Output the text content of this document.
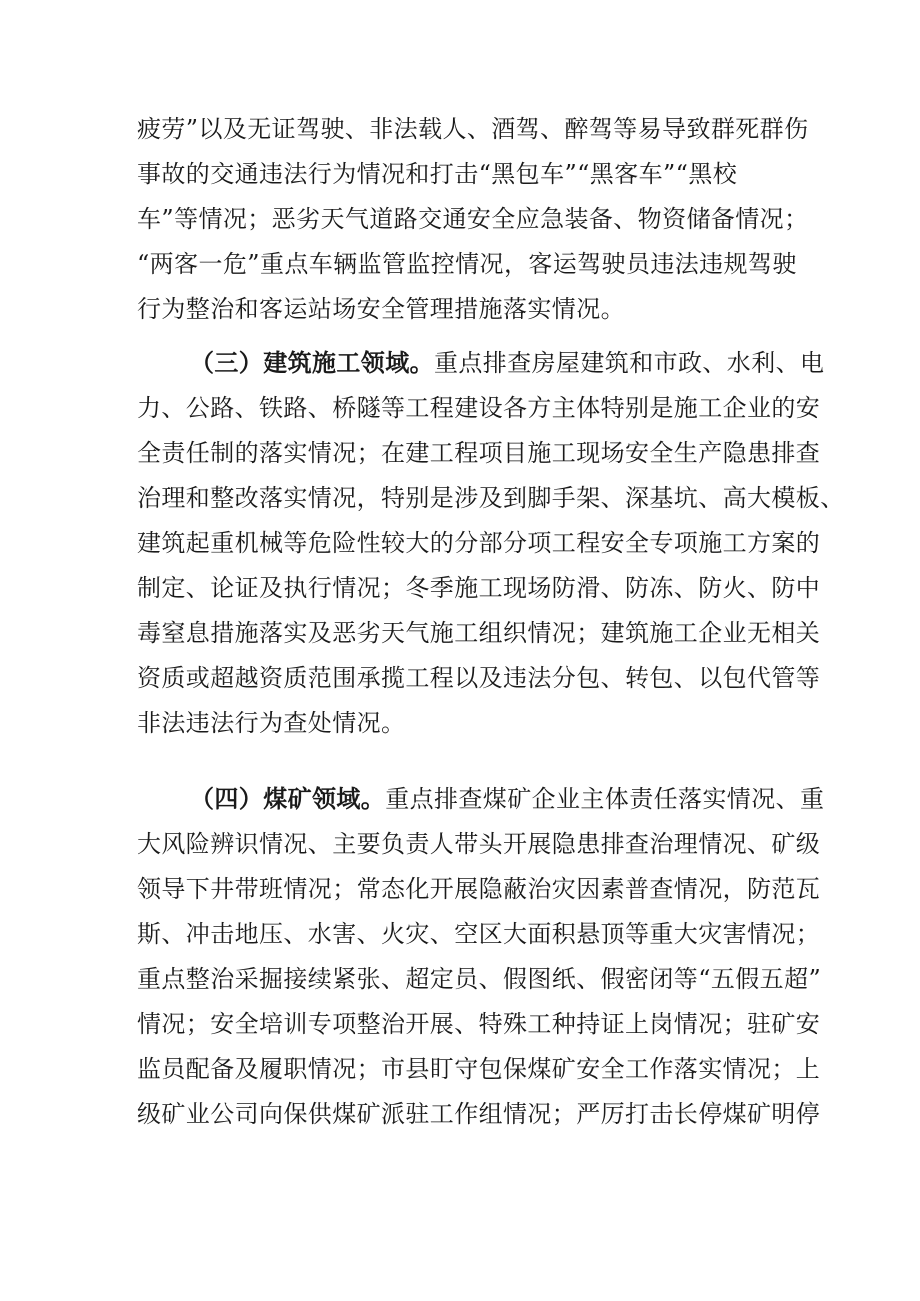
疲劳”以及无证驾驶、非法载人、酒驾、醉驾等易导致群死群伤
事故的交通违法行为情况和打击“黑包车”“黑客车”“黑校
车”等情况；恶劣天气道路交通安全应急装备、物资储备情况；
“两客一危”重点车辆监管监控情况，客运驾驶员违法违规驾驶
行为整治和客运站场安全管理措施落实情况。
（三）建筑施工领域。重点排查房屋建筑和市政、水利、电
力、公路、铁路、桥隧等工程建设各方主体特别是施工企业的安
全责任制的落实情况；在建工程项目施工现场安全生产隐患排查
治理和整改落实情况，特别是涉及到脚手架、深基坑、高大模板、
建筑起重机械等危险性较大的分部分项工程安全专项施工方案的
制定、论证及执行情况；冬季施工现场防滑、防冻、防火、防中
毒窒息措施落实及恶劣天气施工组织情况；建筑施工企业无相关
资质或超越资质范围承揽工程以及违法分包、转包、以包代管等
非法违法行为查处情况。
（四）煤矿领域。重点排查煤矿企业主体责任落实情况、重
大风险辨识情况、主要负责人带头开展隐患排查治理情况、矿级
领导下井带班情况；常态化开展隐蔽治灾因素普查情况，防范瓦
斯、冲击地压、水害、火灾、空区大面积悬顶等重大灾害情况；
重点整治采掘接续紧张、超定员、假图纸、假密闭等“五假五超”
情况；安全培训专项整治开展、特殊工种持证上岗情况；驻矿安
监员配备及履职情况；市县盯守包保煤矿安全工作落实情况；上
级矿业公司向保供煤矿派驻工作组情况；严厉打击长停煤矿明停
